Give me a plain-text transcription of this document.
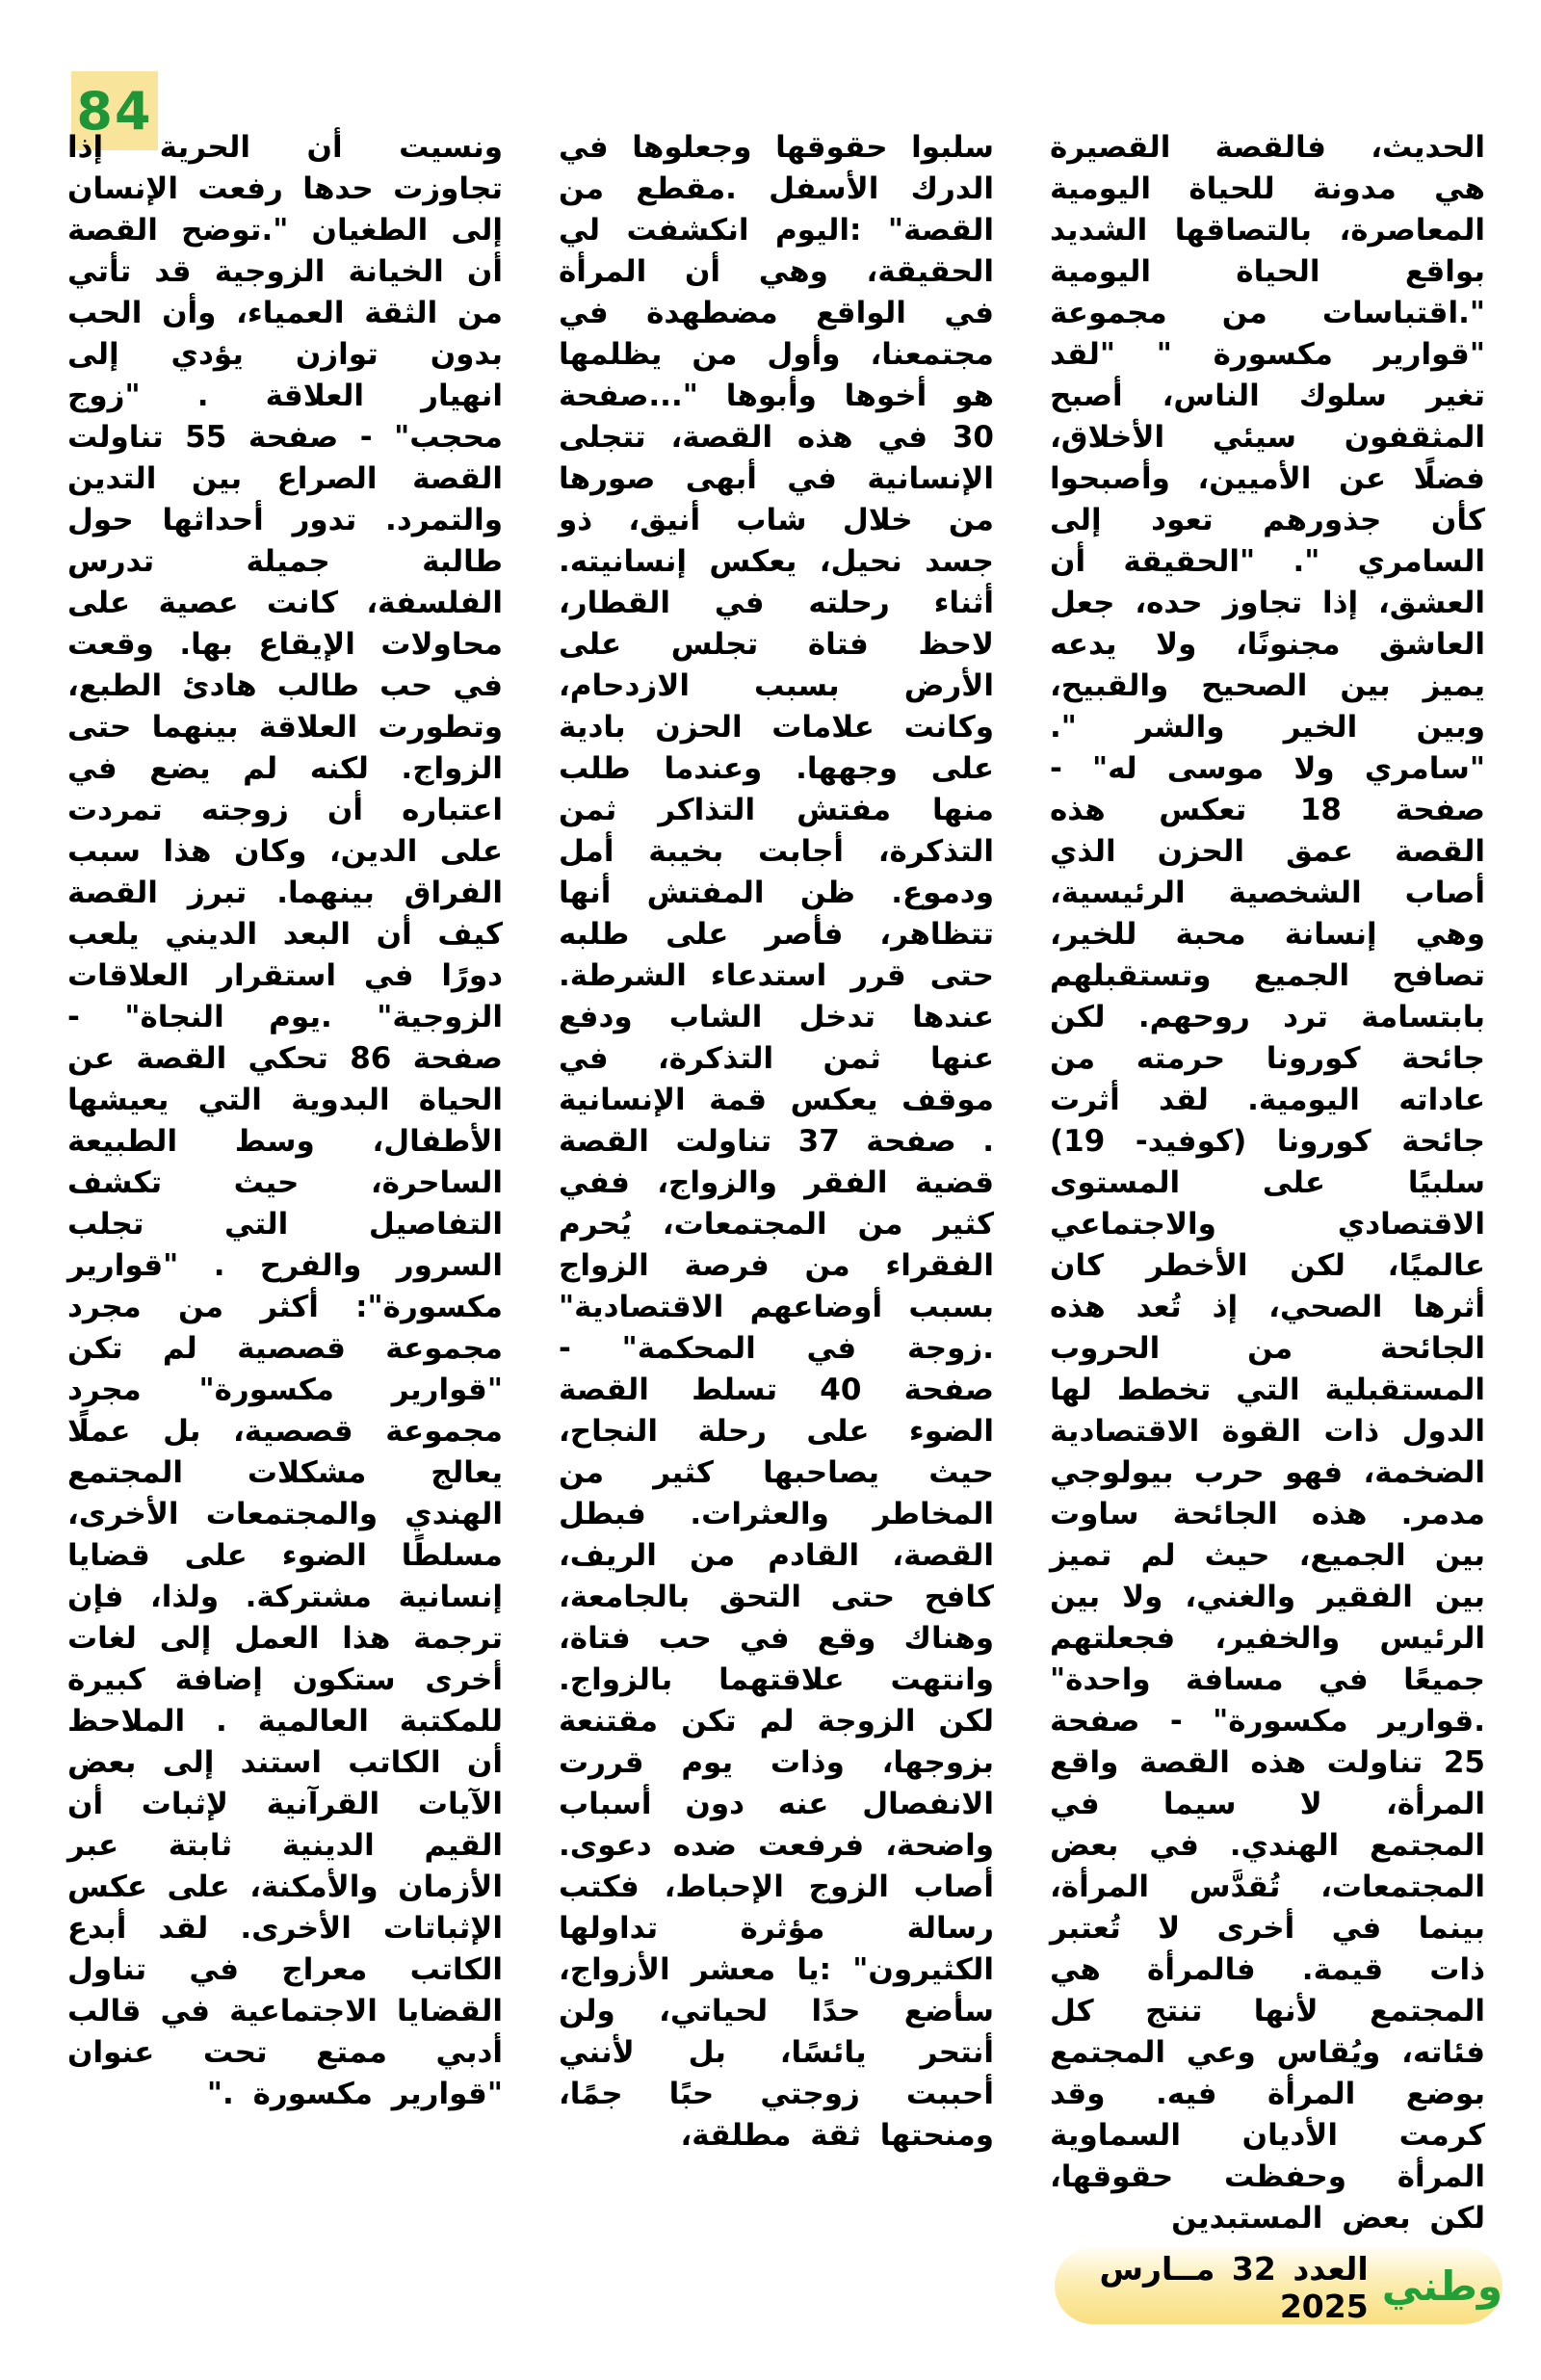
84
الحديث، فالقصة القصيرة هي مدونة للحياة اليومية المعاصرة، بالتصاقها الشديد بواقع الحياة اليومية ".اقتباسات من مجموعة "قوارير مكسورة " "لقد تغير سلوك الناس، أصبح المثقفون سيئي الأخلاق، فضلًا عن الأميين، وأصبحوا كأن جذورهم تعود إلى السامري ". "الحقيقة أن العشق، إذا تجاوز حده، جعل العاشق مجنونًا، ولا يدعه يميز بين الصحيح والقبيح، وبين الخير والشر ". "سامري ولا موسى له" - صفحة 18 تعكس هذه القصة عمق الحزن الذي أصاب الشخصية الرئيسية، وهي إنسانة محبة للخير، تصافح الجميع وتستقبلهم بابتسامة ترد روحهم. لكن جائحة كورونا حرمته من عاداته اليومية. لقد أثرت جائحة كورونا (كوفيد- 19) سلبيًا على المستوى الاقتصادي والاجتماعي عالميًا، لكن الأخطر كان أثرها الصحي، إذ تُعد هذه الجائحة من الحروب المستقبلية التي تخطط لها الدول ذات القوة الاقتصادية الضخمة، فهو حرب بيولوجي مدمر. هذه الجائحة ساوت بين الجميع، حيث لم تميز بين الفقير والغني، ولا بين الرئيس والخفير، فجعلتهم جميعًا في مسافة واحدة" .قوارير مكسورة" - صفحة 25 تناولت هذه القصة واقع المرأة، لا سيما في المجتمع الهندي. في بعض المجتمعات، تُقدَّس المرأة، بينما في أخرى لا تُعتبر ذات قيمة. فالمرأة هي المجتمع لأنها تنتج كل فئاته، ويُقاس وعي المجتمع بوضع المرأة فيه. وقد كرمت الأديان السماوية المرأة وحفظت حقوقها، لكن بعض المستبدين
سلبوا حقوقها وجعلوها في الدرك الأسفل .مقطع من القصة" :اليوم انكشفت لي الحقيقة، وهي أن المرأة في الواقع مضطهدة في مجتمعنا، وأول من يظلمها هو أخوها وأبوها "...صفحة 30 في هذه القصة، تتجلى الإنسانية في أبهى صورها من خلال شاب أنيق، ذو جسد نحيل، يعكس إنسانيته. أثناء رحلته في القطار، لاحظ فتاة تجلس على الأرض بسبب الازدحام، وكانت علامات الحزن بادية على وجهها. وعندما طلب منها مفتش التذاكر ثمن التذكرة، أجابت بخيبة أمل ودموع. ظن المفتش أنها تتظاهر، فأصر على طلبه حتى قرر استدعاء الشرطة. عندها تدخل الشاب ودفع عنها ثمن التذكرة، في موقف يعكس قمة الإنسانية . صفحة 37 تناولت القصة قضية الفقر والزواج، ففي كثير من المجتمعات، يُحرم الفقراء من فرصة الزواج بسبب أوضاعهم الاقتصادية" .زوجة في المحكمة" - صفحة 40 تسلط القصة الضوء على رحلة النجاح، حيث يصاحبها كثير من المخاطر والعثرات. فبطل القصة، القادم من الريف، كافح حتى التحق بالجامعة، وهناك وقع في حب فتاة، وانتهت علاقتهما بالزواج. لكن الزوجة لم تكن مقتنعة بزوجها، وذات يوم قررت الانفصال عنه دون أسباب واضحة، فرفعت ضده دعوى. أصاب الزوج الإحباط، فكتب رسالة مؤثرة تداولها الكثيرون" :يا معشر الأزواج، سأضع حدًا لحياتي، ولن أنتحر يائسًا، بل لأنني أحببت زوجتي حبًا جمًا، ومنحتها ثقة مطلقة،
ونسيت أن الحرية إذا تجاوزت حدها رفعت الإنسان إلى الطغيان ".توضح القصة أن الخيانة الزوجية قد تأتي من الثقة العمياء، وأن الحب بدون توازن يؤدي إلى انهيار العلاقة . "زوج محجب" - صفحة 55 تناولت القصة الصراع بين التدين والتمرد. تدور أحداثها حول طالبة جميلة تدرس الفلسفة، كانت عصية على محاولات الإيقاع بها. وقعت في حب طالب هادئ الطبع، وتطورت العلاقة بينهما حتى الزواج. لكنه لم يضع في اعتباره أن زوجته تمردت على الدين، وكان هذا سبب الفراق بينهما. تبرز القصة كيف أن البعد الديني يلعب دورًا في استقرار العلاقات الزوجية" .يوم النجاة" - صفحة 86 تحكي القصة عن الحياة البدوية التي يعيشها الأطفال، وسط الطبيعة الساحرة، حيث تكشف التفاصيل التي تجلب السرور والفرح . "قوارير مكسورة": أكثر من مجرد مجموعة قصصية لم تكن "قوارير مكسورة" مجرد مجموعة قصصية، بل عملًا يعالج مشكلات المجتمع الهندي والمجتمعات الأخرى، مسلطًا الضوء على قضايا إنسانية مشتركة. ولذا، فإن ترجمة هذا العمل إلى لغات أخرى ستكون إضافة كبيرة للمكتبة العالمية . الملاحظ أن الكاتب استند إلى بعض الآيات القرآنية لإثبات أن القيم الدينية ثابتة عبر الأزمان والأمكنة، على عكس الإثباتات الأخرى. لقد أبدع الكاتب معراج في تناول القضايا الاجتماعية في قالب أدبي ممتع تحت عنوان "قوارير مكسورة ."
وطني
العدد 32 مــارس 2025
